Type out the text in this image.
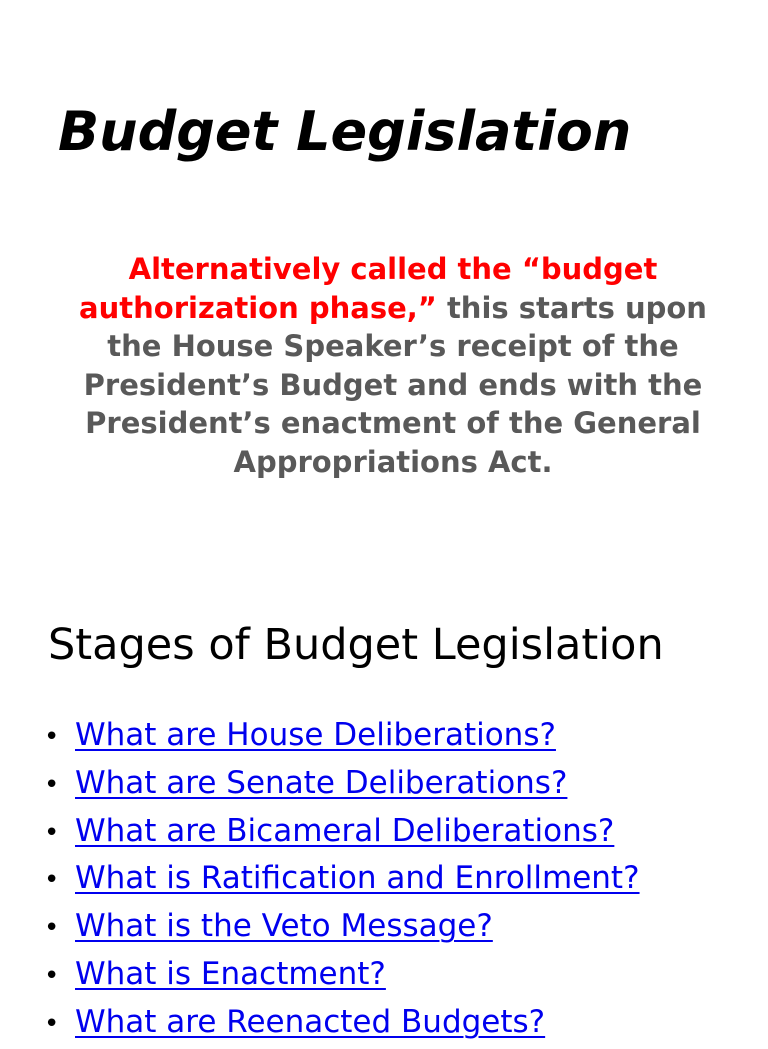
Budget Legislation

Alternatively called the “budget authorization phase,” this starts upon the House Speaker’s receipt of the President’s Budget and ends with the President’s enactment of the General Appropriations Act.

Stages of Budget Legislation
• What are House Deliberations?
• What are Senate Deliberations?
• What are Bicameral Deliberations?
• What is Ratification and Enrollment?
• What is the Veto Message?
• What is Enactment?
• What are Reenacted Budgets?
